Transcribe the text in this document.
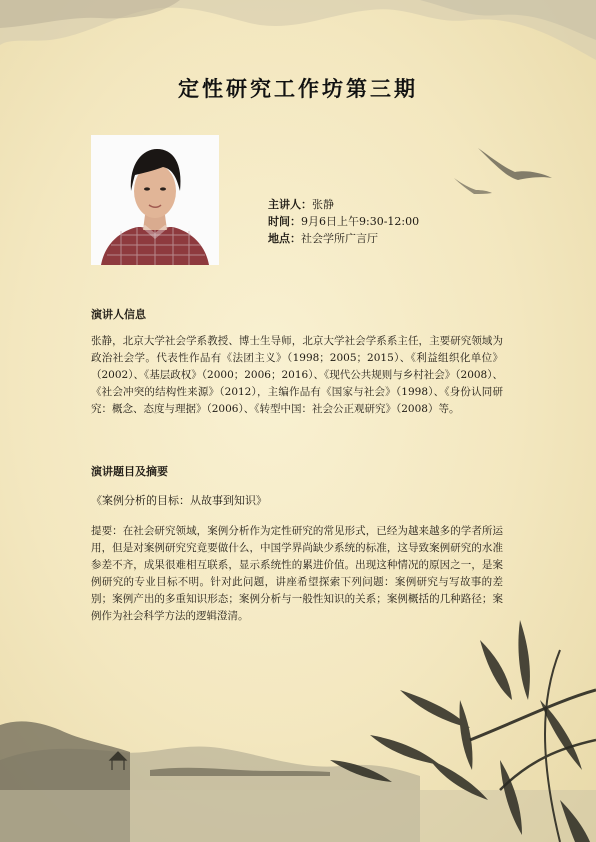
定性研究工作坊第三期
主讲人：张静
时间：9月6日上午9:30-12:00
地点：社会学所广言厅
演讲人信息
张静，北京大学社会学系教授、博士生导师，北京大学社会学系系主任，主要研究领域为政治社会学。代表性作品有《法团主义》（1998；2005；2015）、《利益组织化单位》（2002）、《基层政权》（2000；2006；2016）、《现代公共规则与乡村社会》（2008）、《社会冲突的结构性来源》（2012），主编作品有《国家与社会》（1998）、《身份认同研究：概念、态度与理据》（2006）、《转型中国：社会公正观研究》（2008）等。
演讲题目及摘要
《案例分析的目标：从故事到知识》
提要：在社会研究领域，案例分析作为定性研究的常见形式，已经为越来越多的学者所运用，但是对案例研究究竟要做什么，中国学界尚缺少系统的标准，这导致案例研究的水准参差不齐，成果很难相互联系，显示系统性的累进价值。出现这种情况的原因之一，是案例研究的专业目标不明。针对此问题，讲座希望探索下列问题：案例研究与写故事的差别；案例产出的多重知识形态；案例分析与一般性知识的关系；案例概括的几种路径；案例作为社会科学方法的逻辑澄清。
